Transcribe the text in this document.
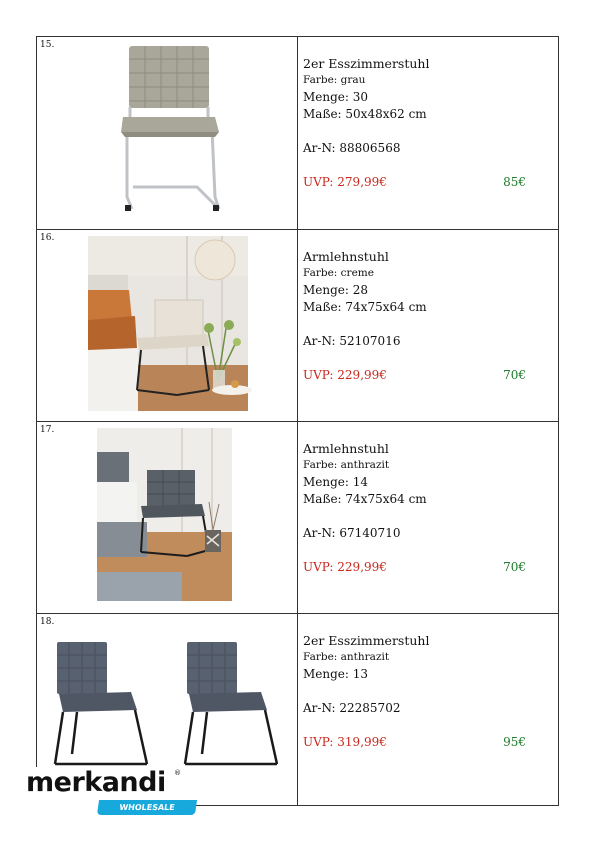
15.
2er Esszimmerstuhl
Farbe: grau
Menge: 30
Maße: 50x48x62 cm
Ar-N: 88806568
UVP: 279,99€	85€
16.
Armlehnstuhl
Farbe: creme
Menge: 28
Maße: 74x75x64 cm
Ar-N: 52107016
UVP: 229,99€	70€
17.
Armlehnstuhl
Farbe: anthrazit
Menge: 14
Maße: 74x75x64 cm
Ar-N: 67140710
UVP: 229,99€	70€
18.
2er Esszimmerstuhl
Farbe: anthrazit
Menge: 13
Ar-N: 22285702
UVP: 319,99€	95€
merkandi ®
WHOLESALE
